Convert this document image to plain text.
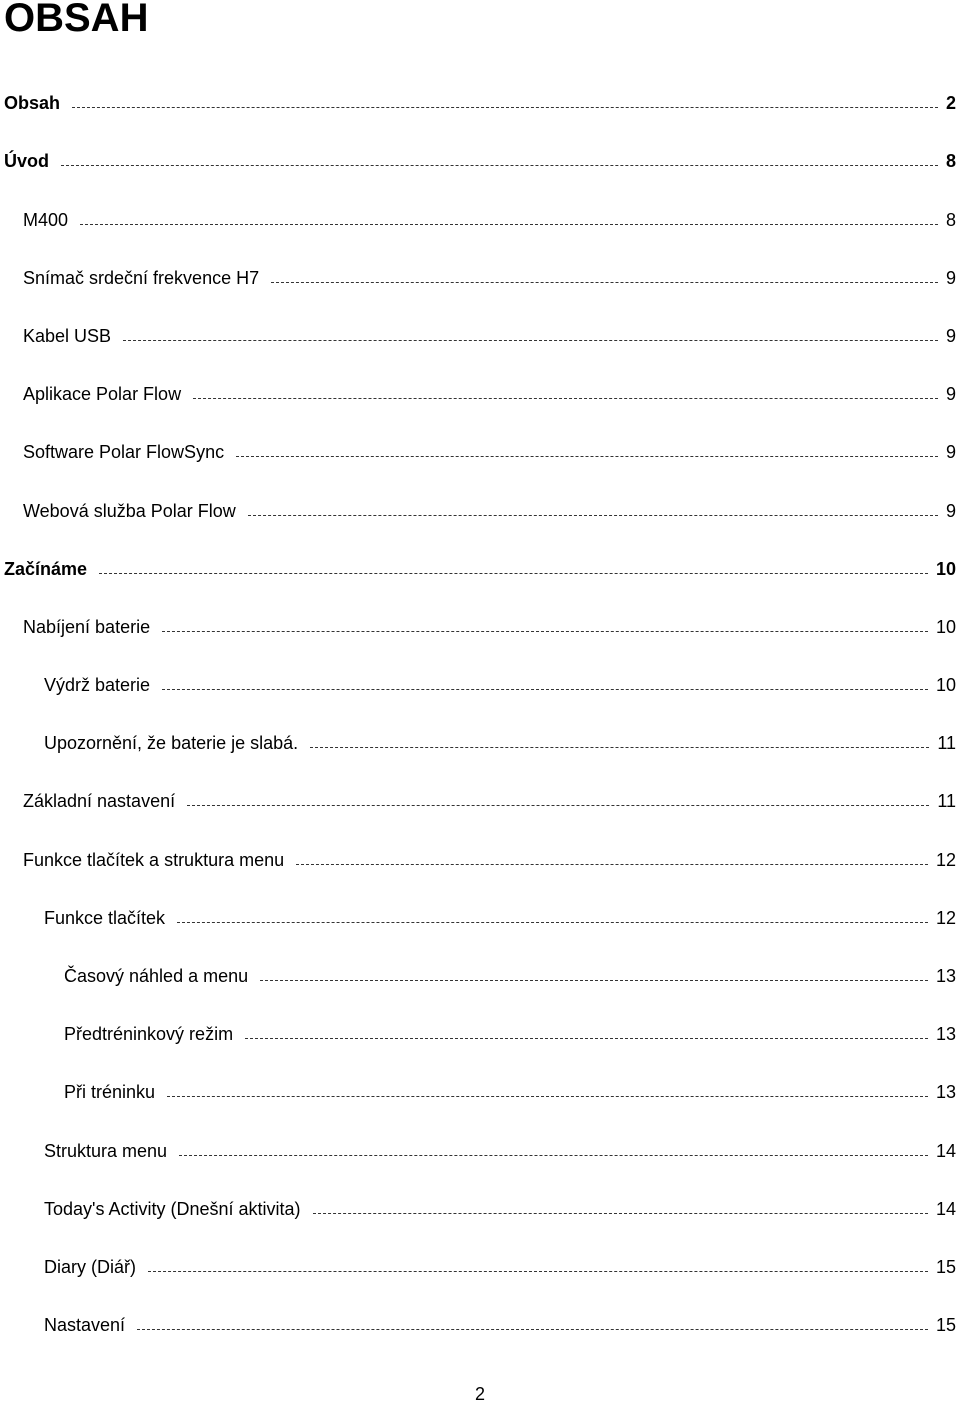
OBSAH
Obsah	2
Úvod	8
M400	8
Snímač srdeční frekvence H7	9
Kabel USB	9
Aplikace Polar Flow	9
Software Polar FlowSync	9
Webová služba Polar Flow	9
Začínáme	10
Nabíjení baterie	10
Výdrž baterie	10
Upozornění, že baterie je slabá.	11
Základní nastavení	11
Funkce tlačítek a struktura menu	12
Funkce tlačítek	12
Časový náhled a menu	13
Předtréninkový režim	13
Při tréninku	13
Struktura menu	14
Today's Activity (Dnešní aktivita)	14
Diary (Diář)	15
Nastavení	15
2
